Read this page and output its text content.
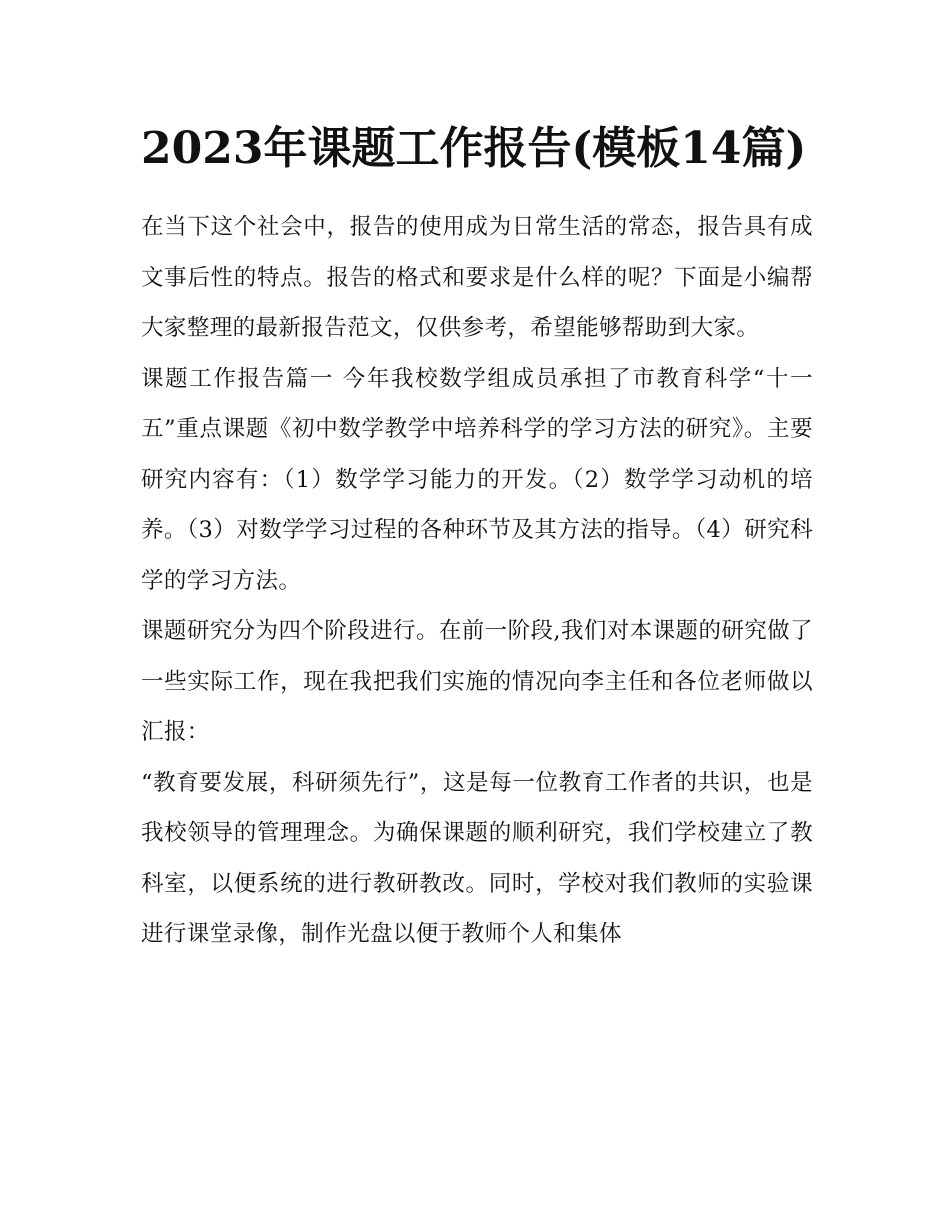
2023年课题工作报告(模板14篇)

在当下这个社会中，报告的使用成为日常生活的常态，报告具有成文事后性的特点。报告的格式和要求是什么样的呢？下面是小编帮大家整理的最新报告范文，仅供参考，希望能够帮助到大家。

课题工作报告篇一 今年我校数学组成员承担了市教育科学“十一五”重点课题《初中数学教学中培养科学的学习方法的研究》。主要研究内容有：（1）数学学习能力的开发。（2）数学学习动机的培养。（3）对数学学习过程的各种环节及其方法的指导。（4）研究科学的学习方法。

课题研究分为四个阶段进行。在前一阶段,我们对本课题的研究做了一些实际工作，现在我把我们实施的情况向李主任和各位老师做以汇报：

“教育要发展，科研须先行”，这是每一位教育工作者的共识，也是我校领导的管理理念。为确保课题的顺利研究，我们学校建立了教科室，以便系统的进行教研教改。同时，学校对我们教师的实验课进行课堂录像，制作光盘以便于教师个人和集体
